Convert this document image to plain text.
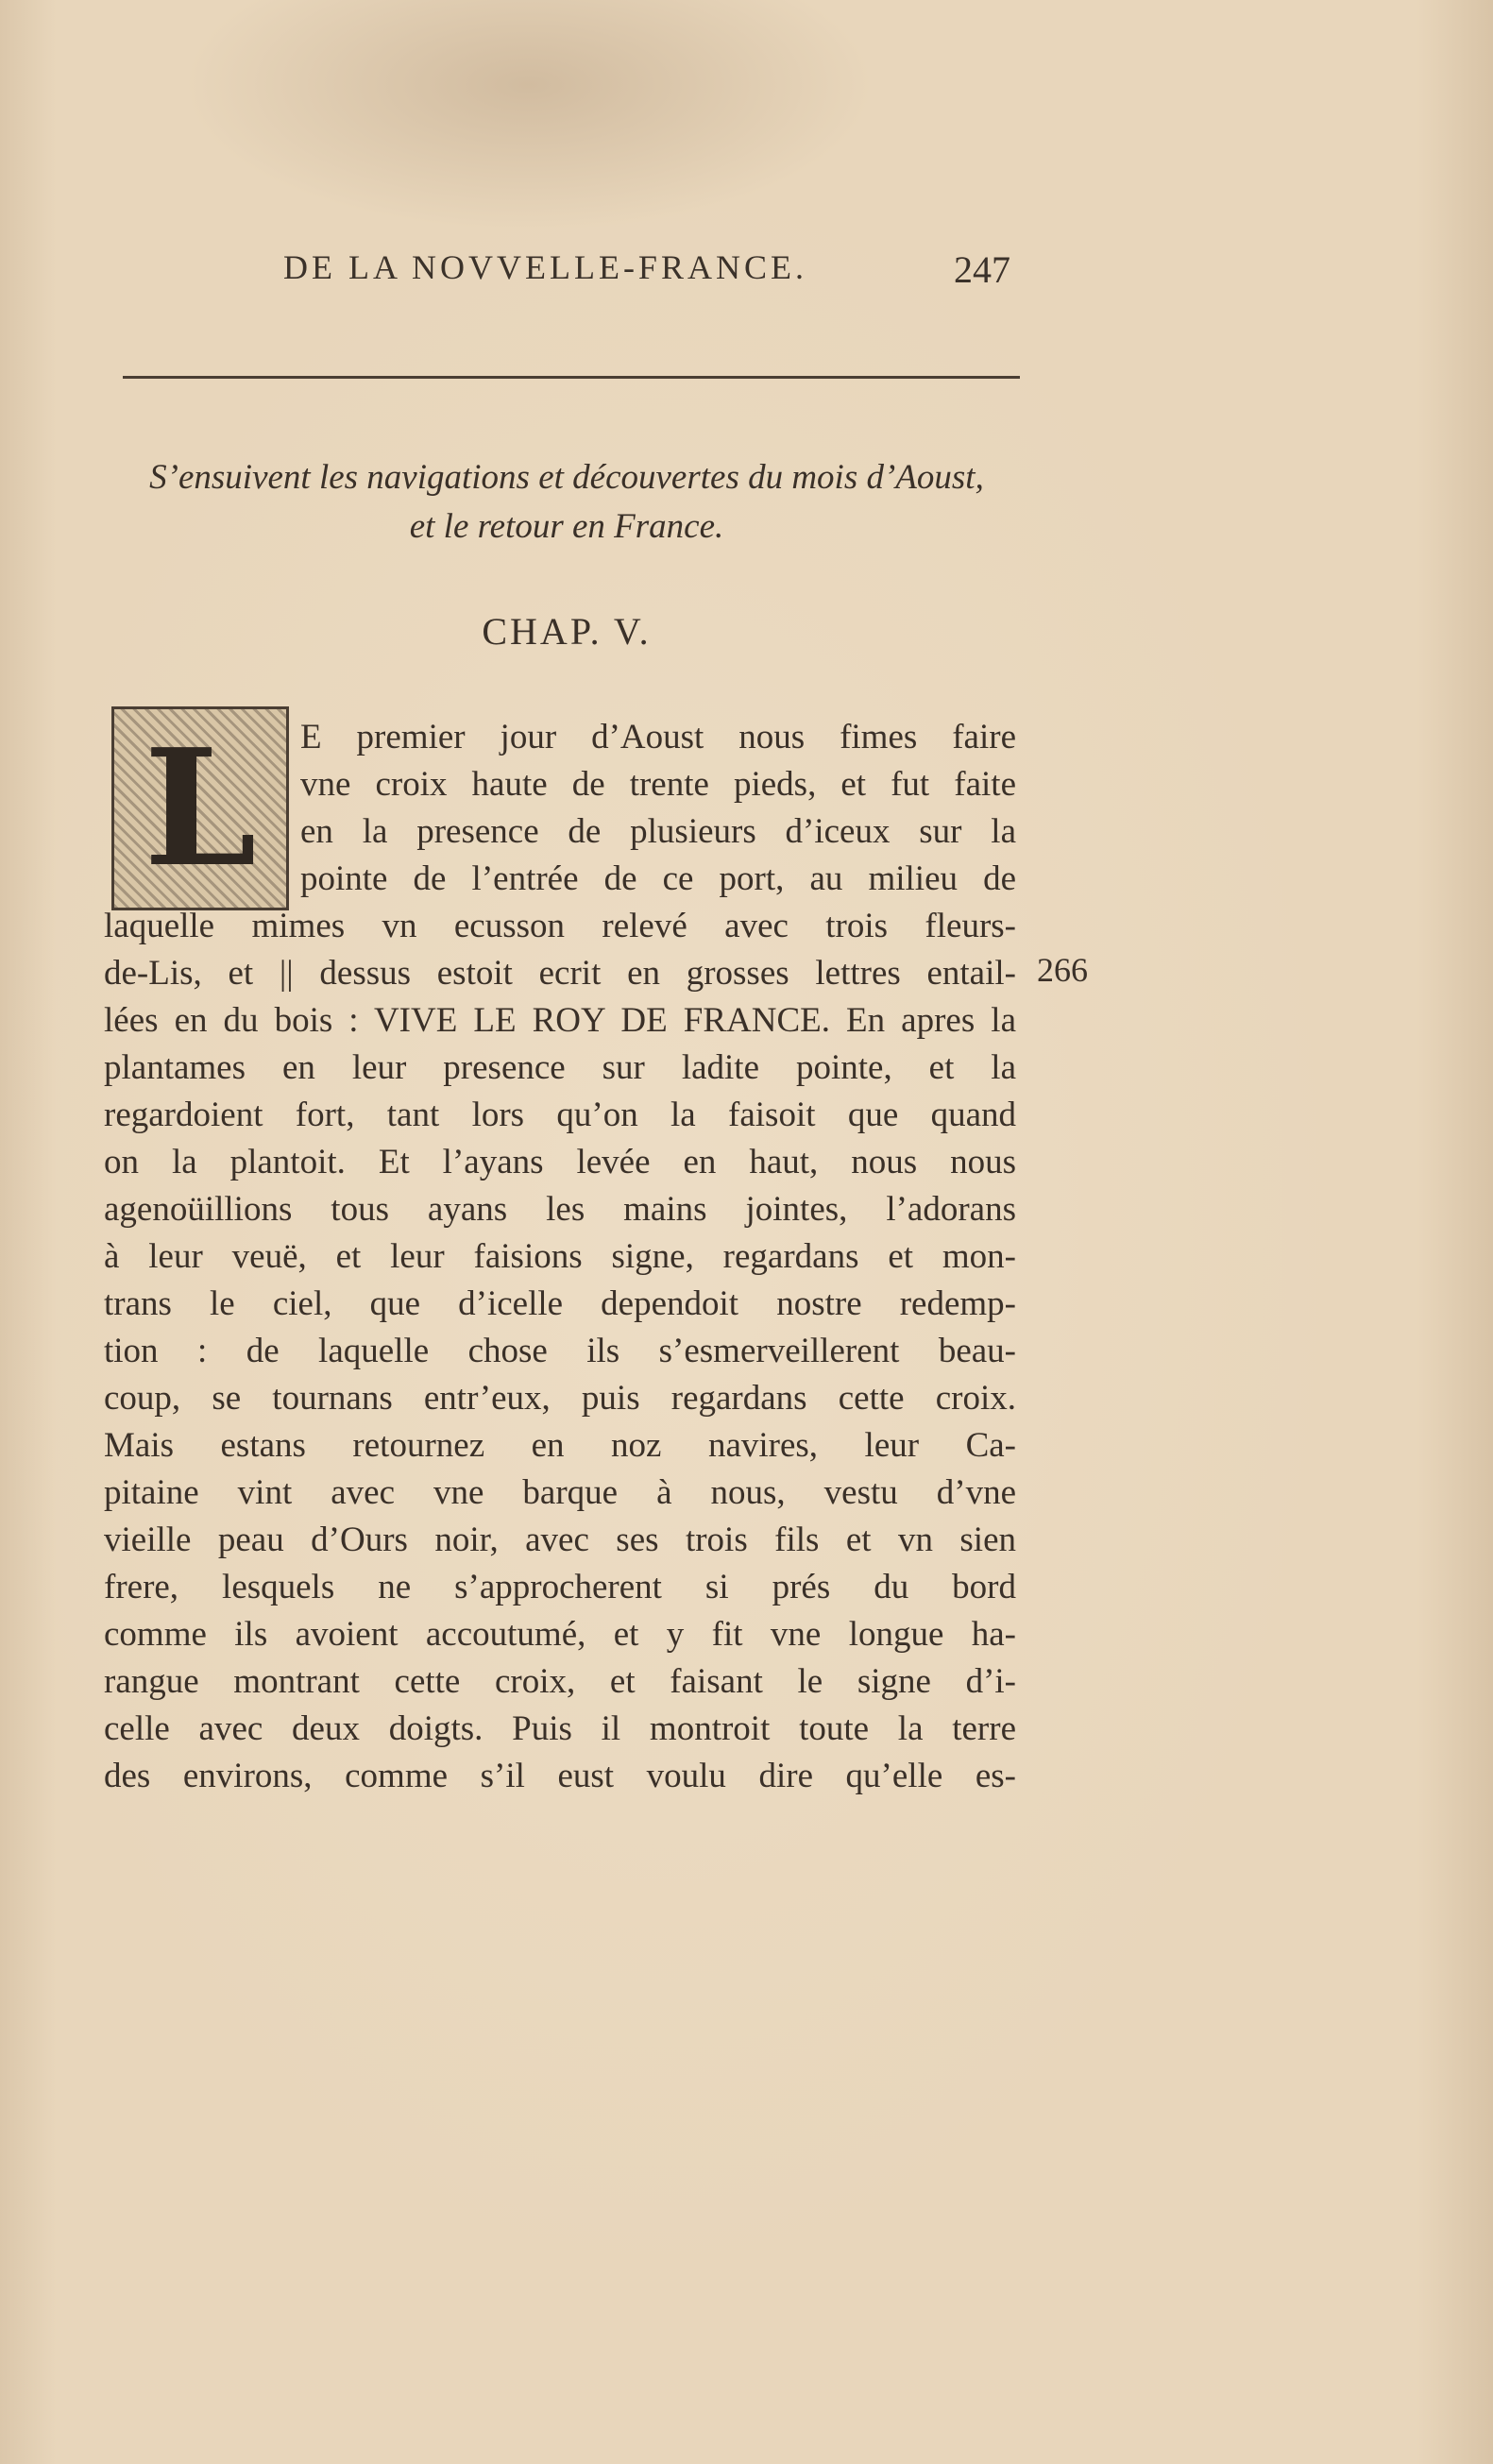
DE LA NOVVELLE-FRANCE.	247
S’ensuivent les navigations et découvertes du mois d’Aoust,
et le retour en France.
CHAP. V.
L
266
E premier jour d’Aoust nous fimes faire
vne croix haute de trente pieds, et fut faite
en la presence de plusieurs d’iceux sur la
pointe de l’entrée de ce port, au milieu de
laquelle mimes vn ecusson relevé avec trois fleurs-
de-Lis, et || dessus estoit ecrit en grosses lettres entail-
lées en du bois : VIVE LE ROY DE FRANCE. En apres la
plantames en leur presence sur ladite pointe, et la
regardoient fort, tant lors qu’on la faisoit que quand
on la plantoit. Et l’ayans levée en haut, nous nous
agenoüillions tous ayans les mains jointes, l’adorans
à leur veuë, et leur faisions signe, regardans et mon-
trans le ciel, que d’icelle dependoit nostre redemp-
tion : de laquelle chose ils s’esmerveillerent beau-
coup, se tournans entr’eux, puis regardans cette croix.
Mais estans retournez en noz navires, leur Ca-
pitaine vint avec vne barque à nous, vestu d’vne
vieille peau d’Ours noir, avec ses trois fils et vn sien
frere, lesquels ne s’approcherent si prés du bord
comme ils avoient accoutumé, et y fit vne longue ha-
rangue montrant cette croix, et faisant le signe d’i-
celle avec deux doigts. Puis il montroit toute la terre
des environs, comme s’il eust voulu dire qu’elle es-
